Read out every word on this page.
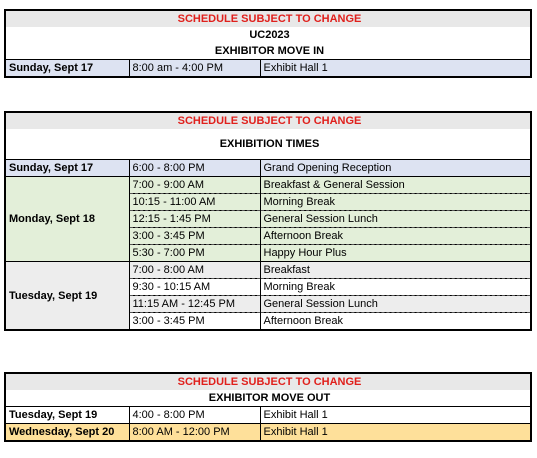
SCHEDULE SUBJECT TO CHANGE
UC2023
EXHIBITOR MOVE IN
Sunday, Sept 17	8:00 am - 4:00 PM	Exhibit Hall 1
SCHEDULE SUBJECT TO CHANGE		
EXHIBITION TIMES		
Sunday, Sept 17	6:00 - 8:00 PM	Grand Opening Reception
Monday, Sept 18	7:00 - 9:00 AM	Breakfast & General Session
	10:15 - 11:00 AM	Morning Break
	12:15 - 1:45 PM	General Session Lunch
	3:00 - 3:45 PM	Afternoon Break
	5:30 - 7:00 PM	Happy Hour Plus
Tuesday, Sept 19	7:00 - 8:00 AM	Breakfast
	9:30 - 10:15 AM	Morning Break
	11:15 AM - 12:45 PM	General Session Lunch
	3:00 - 3:45 PM	Afternoon Break
SCHEDULE SUBJECT TO CHANGE		
EXHIBITOR MOVE OUT		
Tuesday, Sept 19	4:00 - 8:00 PM	Exhibit Hall 1
Wednesday, Sept 20	8:00 AM - 12:00 PM	Exhibit Hall 1
